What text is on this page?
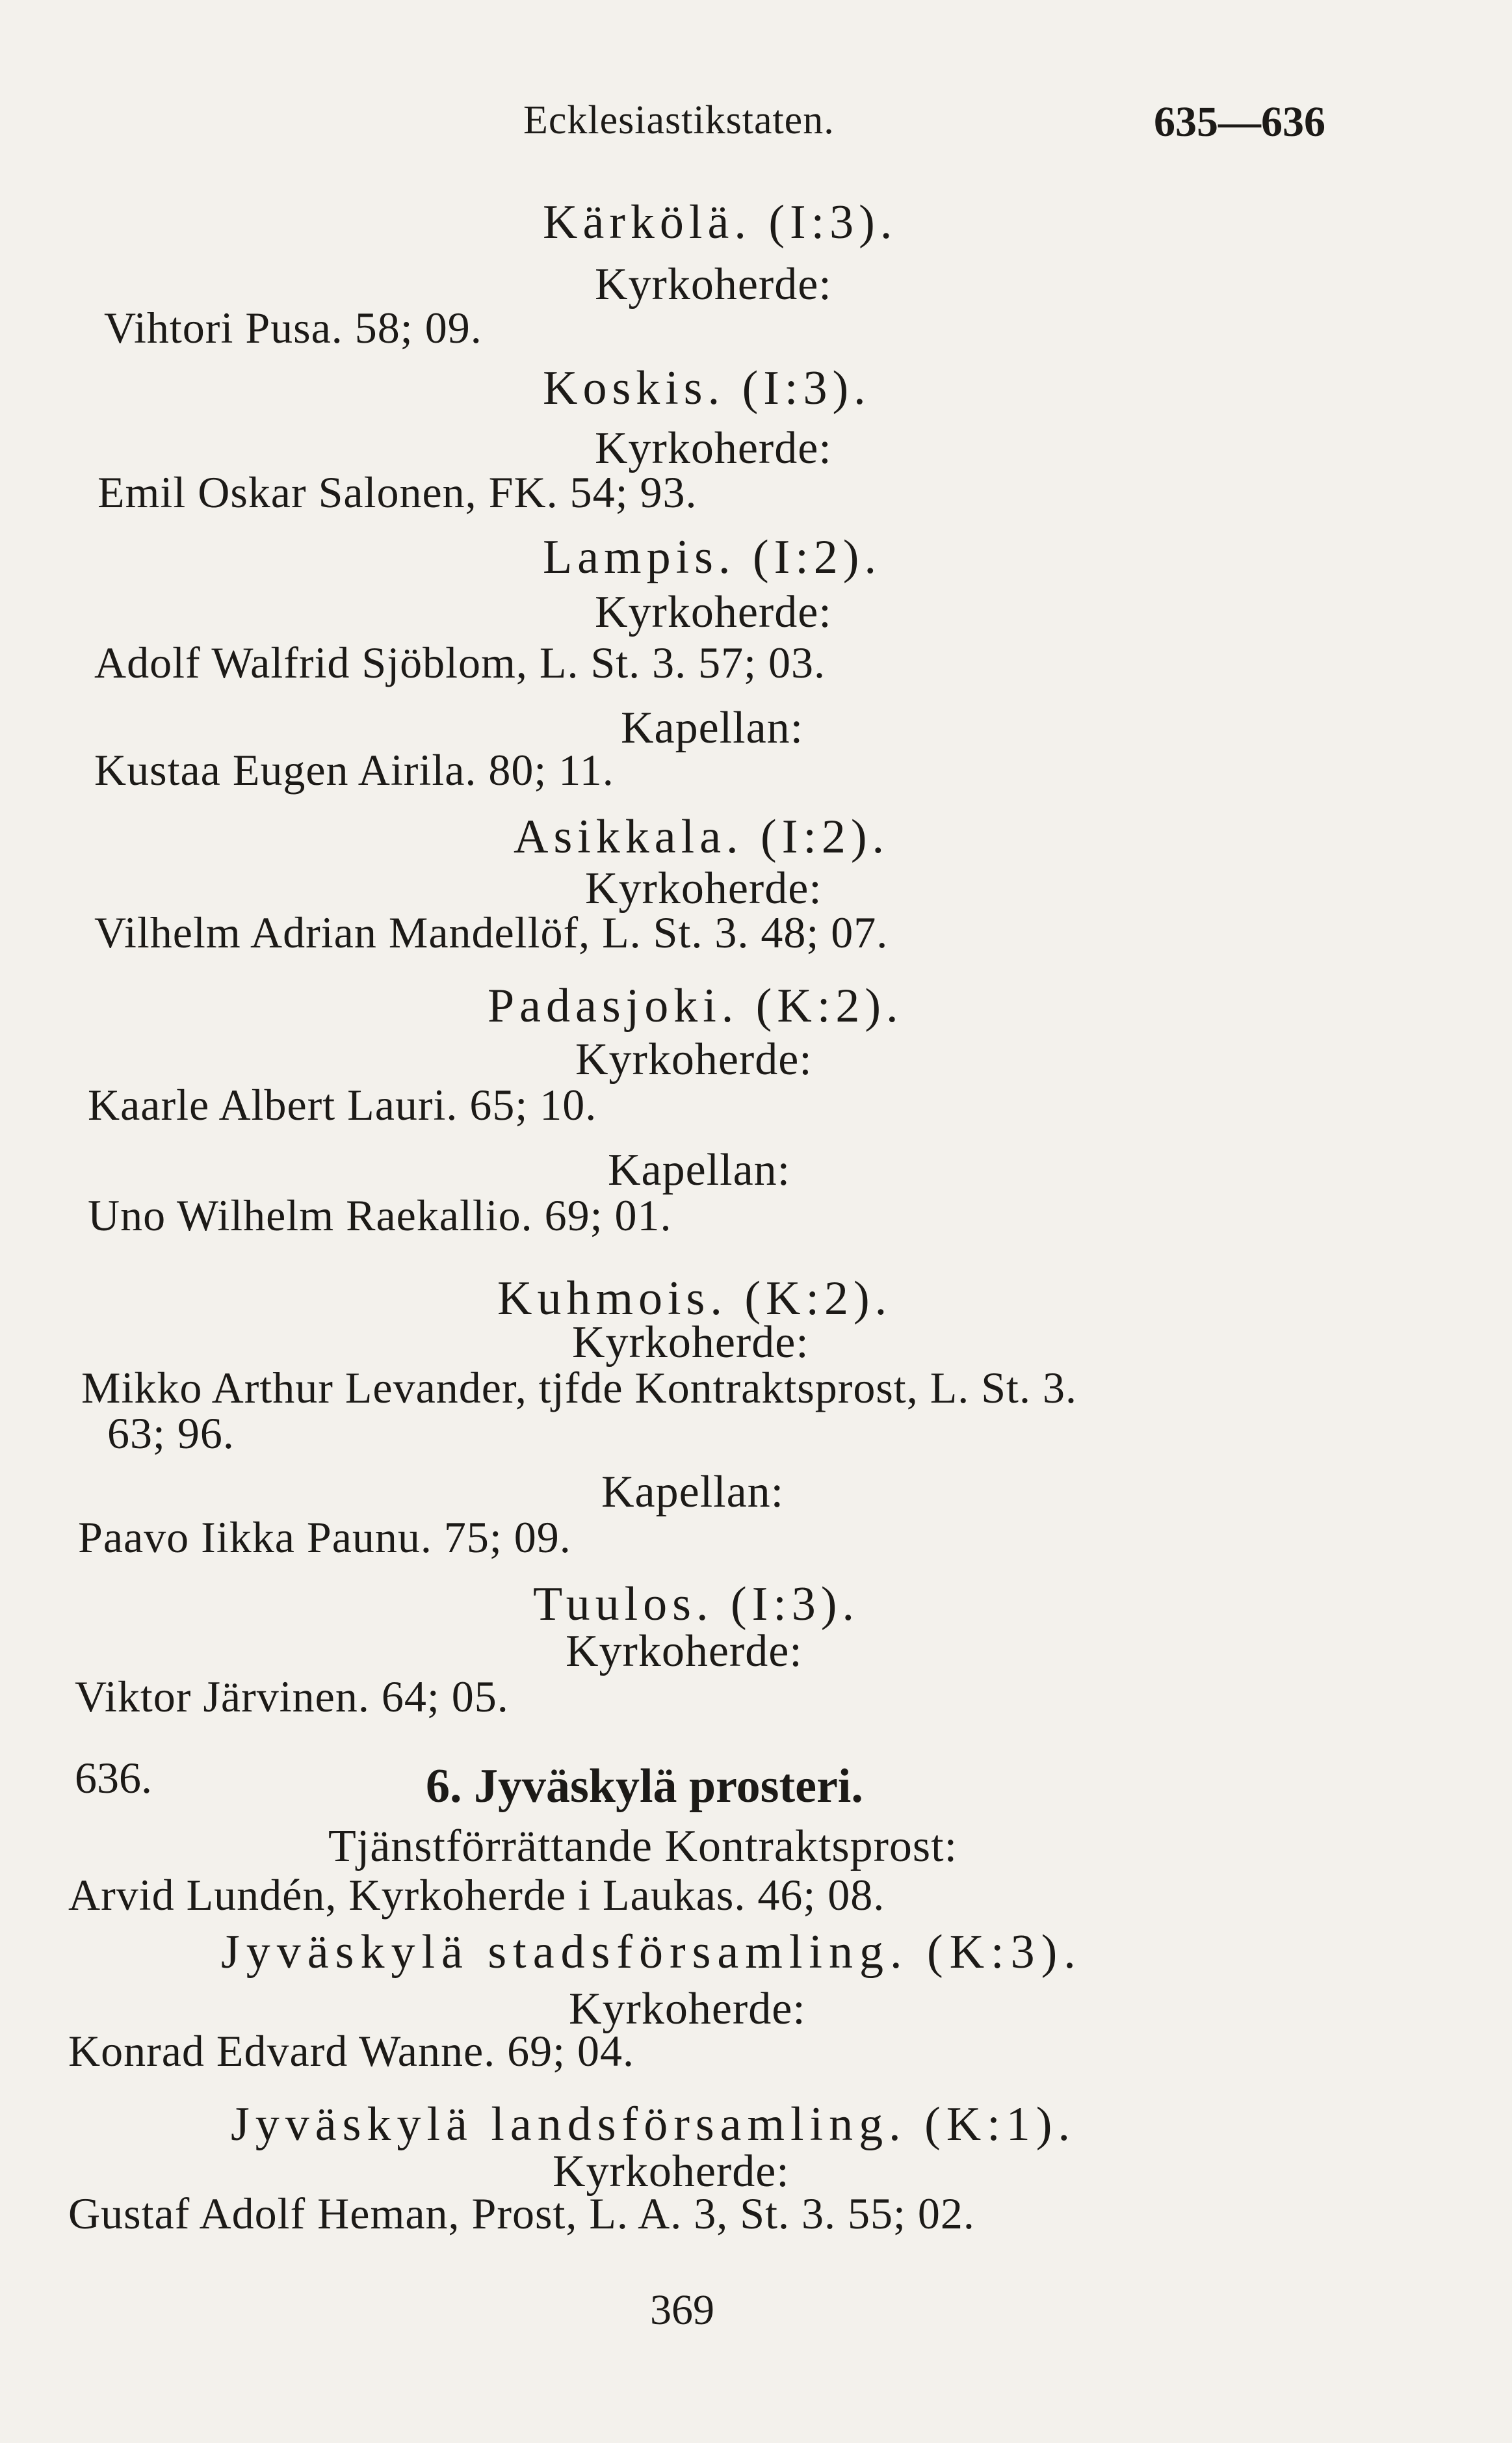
Ecklesiastikstaten.	635—636
Kärkölä. (I:3).
Kyrkoherde:
Vihtori Pusa. 58; 09.
Koskis. (I:3).
Kyrkoherde:
Emil Oskar Salonen, FK. 54; 93.
Lampis. (I:2).
Kyrkoherde:
Adolf Walfrid Sjöblom, L. St. 3. 57; 03.
Kapellan:
Kustaa Eugen Airila. 80; 11.
Asikkala. (I:2).
Kyrkoherde:
Vilhelm Adrian Mandellöf, L. St. 3. 48; 07.
Padasjoki. (K:2).
Kyrkoherde:
Kaarle Albert Lauri. 65; 10.
Kapellan:
Uno Wilhelm Raekallio. 69; 01.
Kuhmois. (K:2).
Kyrkoherde:
Mikko Arthur Levander, tjfde Kontraktsprost, L. St. 3.
63; 96.
Kapellan:
Paavo Iikka Paunu. 75; 09.
Tuulos. (I:3).
Kyrkoherde:
Viktor Järvinen. 64; 05.
636.	6. Jyväskylä prosteri.
Tjänstförrättande Kontraktsprost:
Arvid Lundén, Kyrkoherde i Laukas. 46; 08.
Jyväskylä stadsförsamling. (K:3).
Kyrkoherde:
Konrad Edvard Wanne. 69; 04.
Jyväskylä landsförsamling. (K:1).
Kyrkoherde:
Gustaf Adolf Heman, Prost, L. A. 3, St. 3. 55; 02.
369
